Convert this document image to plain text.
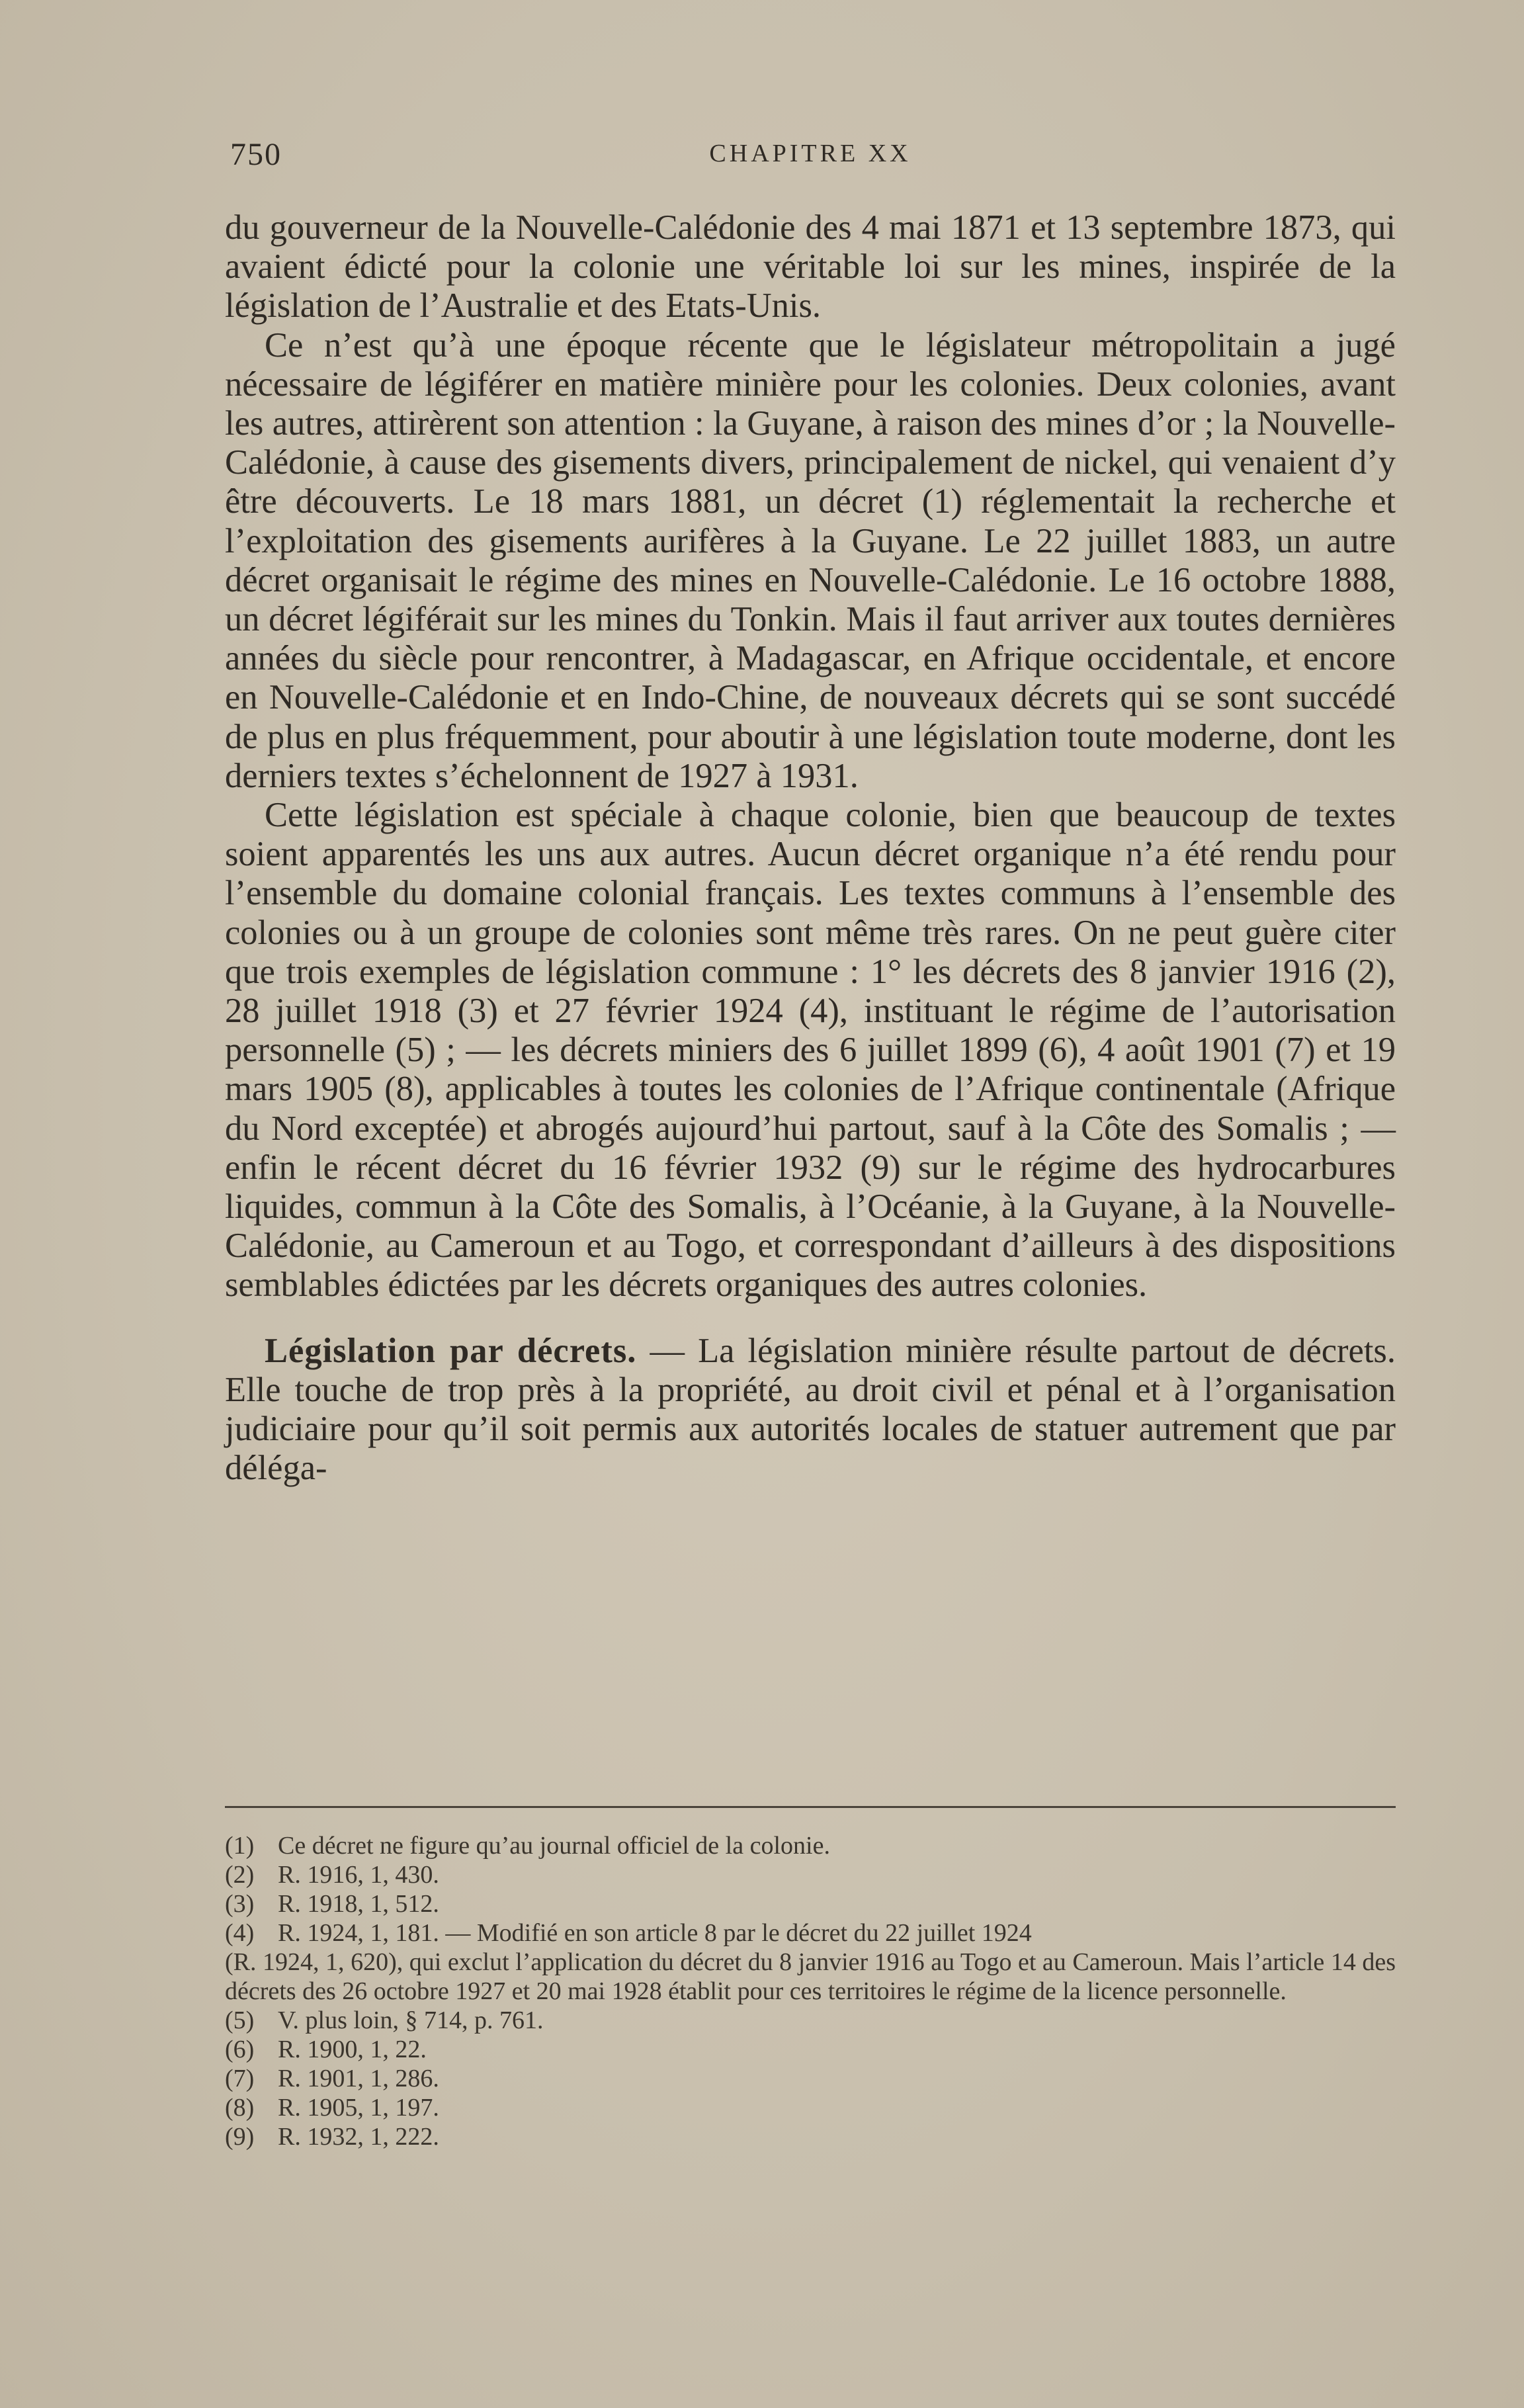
750	CHAPITRE XX

du gouverneur de la Nouvelle-Calédonie des 4 mai 1871 et 13 septembre 1873, qui avaient édicté pour la colonie une véritable loi sur les mines, inspirée de la législation de l’Australie et des Etats-Unis.

Ce n’est qu’à une époque récente que le législateur métropolitain a jugé nécessaire de légiférer en matière minière pour les colonies. Deux colonies, avant les autres, attirèrent son attention : la Guyane, à raison des mines d’or ; la Nouvelle-Calédonie, à cause des gisements divers, principalement de nickel, qui venaient d’y être découverts. Le 18 mars 1881, un décret (1) réglementait la recherche et l’exploitation des gisements aurifères à la Guyane. Le 22 juillet 1883, un autre décret organisait le régime des mines en Nouvelle-Calédonie. Le 16 octobre 1888, un décret légiférait sur les mines du Tonkin. Mais il faut arriver aux toutes dernières années du siècle pour rencontrer, à Madagascar, en Afrique occidentale, et encore en Nouvelle-Calédonie et en Indo-Chine, de nouveaux décrets qui se sont succédé de plus en plus fréquemment, pour aboutir à une législation toute moderne, dont les derniers textes s’échelonnent de 1927 à 1931.

Cette législation est spéciale à chaque colonie, bien que beaucoup de textes soient apparentés les uns aux autres. Aucun décret organique n’a été rendu pour l’ensemble du domaine colonial français. Les textes communs à l’ensemble des colonies ou à un groupe de colonies sont même très rares. On ne peut guère citer que trois exemples de législation commune : 1° les décrets des 8 janvier 1916 (2), 28 juillet 1918 (3) et 27 février 1924 (4), instituant le régime de l’autorisation personnelle (5) ; — les décrets miniers des 6 juillet 1899 (6), 4 août 1901 (7) et 19 mars 1905 (8), applicables à toutes les colonies de l’Afrique continentale (Afrique du Nord exceptée) et abrogés aujourd’hui partout, sauf à la Côte des Somalis ; — enfin le récent décret du 16 février 1932 (9) sur le régime des hydrocarbures liquides, commun à la Côte des Somalis, à l’Océanie, à la Guyane, à la Nouvelle-Calédonie, au Cameroun et au Togo, et correspondant d’ailleurs à des dispositions semblables édictées par les décrets organiques des autres colonies.

Législation par décrets. — La législation minière résulte partout de décrets. Elle touche de trop près à la propriété, au droit civil et pénal et à l’organisation judiciaire pour qu’il soit permis aux autorités locales de statuer autrement que par déléga-

(1) Ce décret ne figure qu’au journal officiel de la colonie.

(2) R. 1916, 1, 430.

(3) R. 1918, 1, 512.

(4) R. 1924, 1, 181. — Modifié en son article 8 par le décret du 22 juillet 1924

(R. 1924, 1, 620), qui exclut l’application du décret du 8 janvier 1916 au Togo et au Cameroun. Mais l’article 14 des décrets des 26 octobre 1927 et 20 mai 1928 établit pour ces territoires le régime de la licence personnelle.

(5) V. plus loin, § 714, p. 761.

(6) R. 1900, 1, 22.

(7) R. 1901, 1, 286.

(8) R. 1905, 1, 197.

(9) R. 1932, 1, 222.
